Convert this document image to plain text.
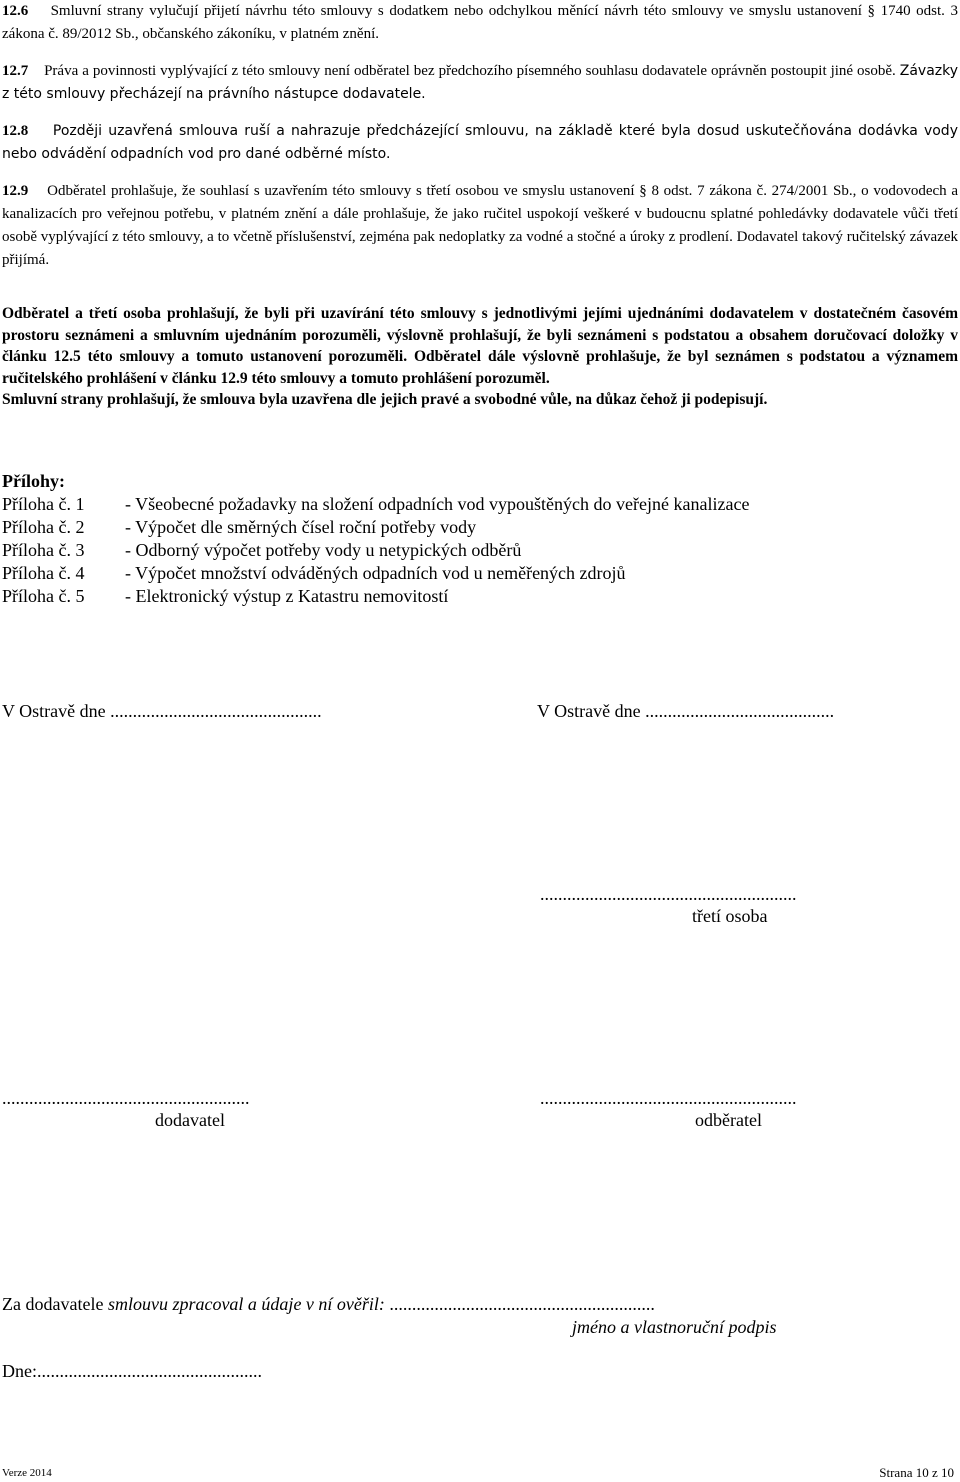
12.6 Smluvní strany vylučují přijetí návrhu této smlouvy s dodatkem nebo odchylkou měnící návrh této smlouvy ve smyslu ustanovení § 1740 odst. 3 zákona č. 89/2012 Sb., občanského zákoníku, v platném znění.
12.7 Práva a povinnosti vyplývající z této smlouvy není odběratel bez předchozího písemného souhlasu dodavatele oprávněn postoupit jiné osobě. Závazky z této smlouvy přecházejí na právního nástupce dodavatele.
12.8 Později uzavřená smlouva ruší a nahrazuje předcházející smlouvu, na základě které byla dosud uskutečňována dodávka vody nebo odvádění odpadních vod pro dané odběrné místo.
12.9 Odběratel prohlašuje, že souhlasí s uzavřením této smlouvy s třetí osobou ve smyslu ustanovení § 8 odst. 7 zákona č. 274/2001 Sb., o vodovodech a kanalizacích pro veřejnou potřebu, v platném znění a dále prohlašuje, že jako ručitel uspokojí veškeré v budoucnu splatné pohledávky dodavatele vůči třetí osobě vyplývající z této smlouvy, a to včetně příslušenství, zejména pak nedoplatky za vodné a stočné a úroky z prodlení. Dodavatel takový ručitelský závazek přijímá.
Odběratel a třetí osoba prohlašují, že byli při uzavírání této smlouvy s jednotlivými jejími ujednáními dodavatelem v dostatečném časovém prostoru seznámeni a smluvním ujednáním porozuměli, výslovně prohlašují, že byli seznámeni s podstatou a obsahem doručovací doložky v článku 12.5 této smlouvy a tomuto ustanovení porozuměli. Odběratel dále výslovně prohlašuje, že byl seznámen s podstatou a významem ručitelského prohlášení v článku 12.9 této smlouvy a tomuto prohlášení porozuměl.
Smluvní strany prohlašují, že smlouva byla uzavřena dle jejich pravé a svobodné vůle, na důkaz čehož ji podepisují.
Přílohy:
Příloha č. 1 - Všeobecné požadavky na složení odpadních vod vypouštěných do veřejné kanalizace
Příloha č. 2 - Výpočet dle směrných čísel roční potřeby vody
Příloha č. 3 - Odborný výpočet potřeby vody u netypických odběrů
Příloha č. 4 - Výpočet množství odváděných odpadních vod u neměřených zdrojů
Příloha č. 5 - Elektronický výstup z Katastru nemovitostí
V Ostravě dne ...............................................	V Ostravě dne ..........................................
.........................................................
třetí osoba
.......................................................
dodavatel
.........................................................
odběratel
Za dodavatele smlouvu zpracoval a údaje v ní ověřil: ...........................................................
jméno a vlastnoruční podpis
Dne:..................................................
Verze 2014	Strana 10 z 10
